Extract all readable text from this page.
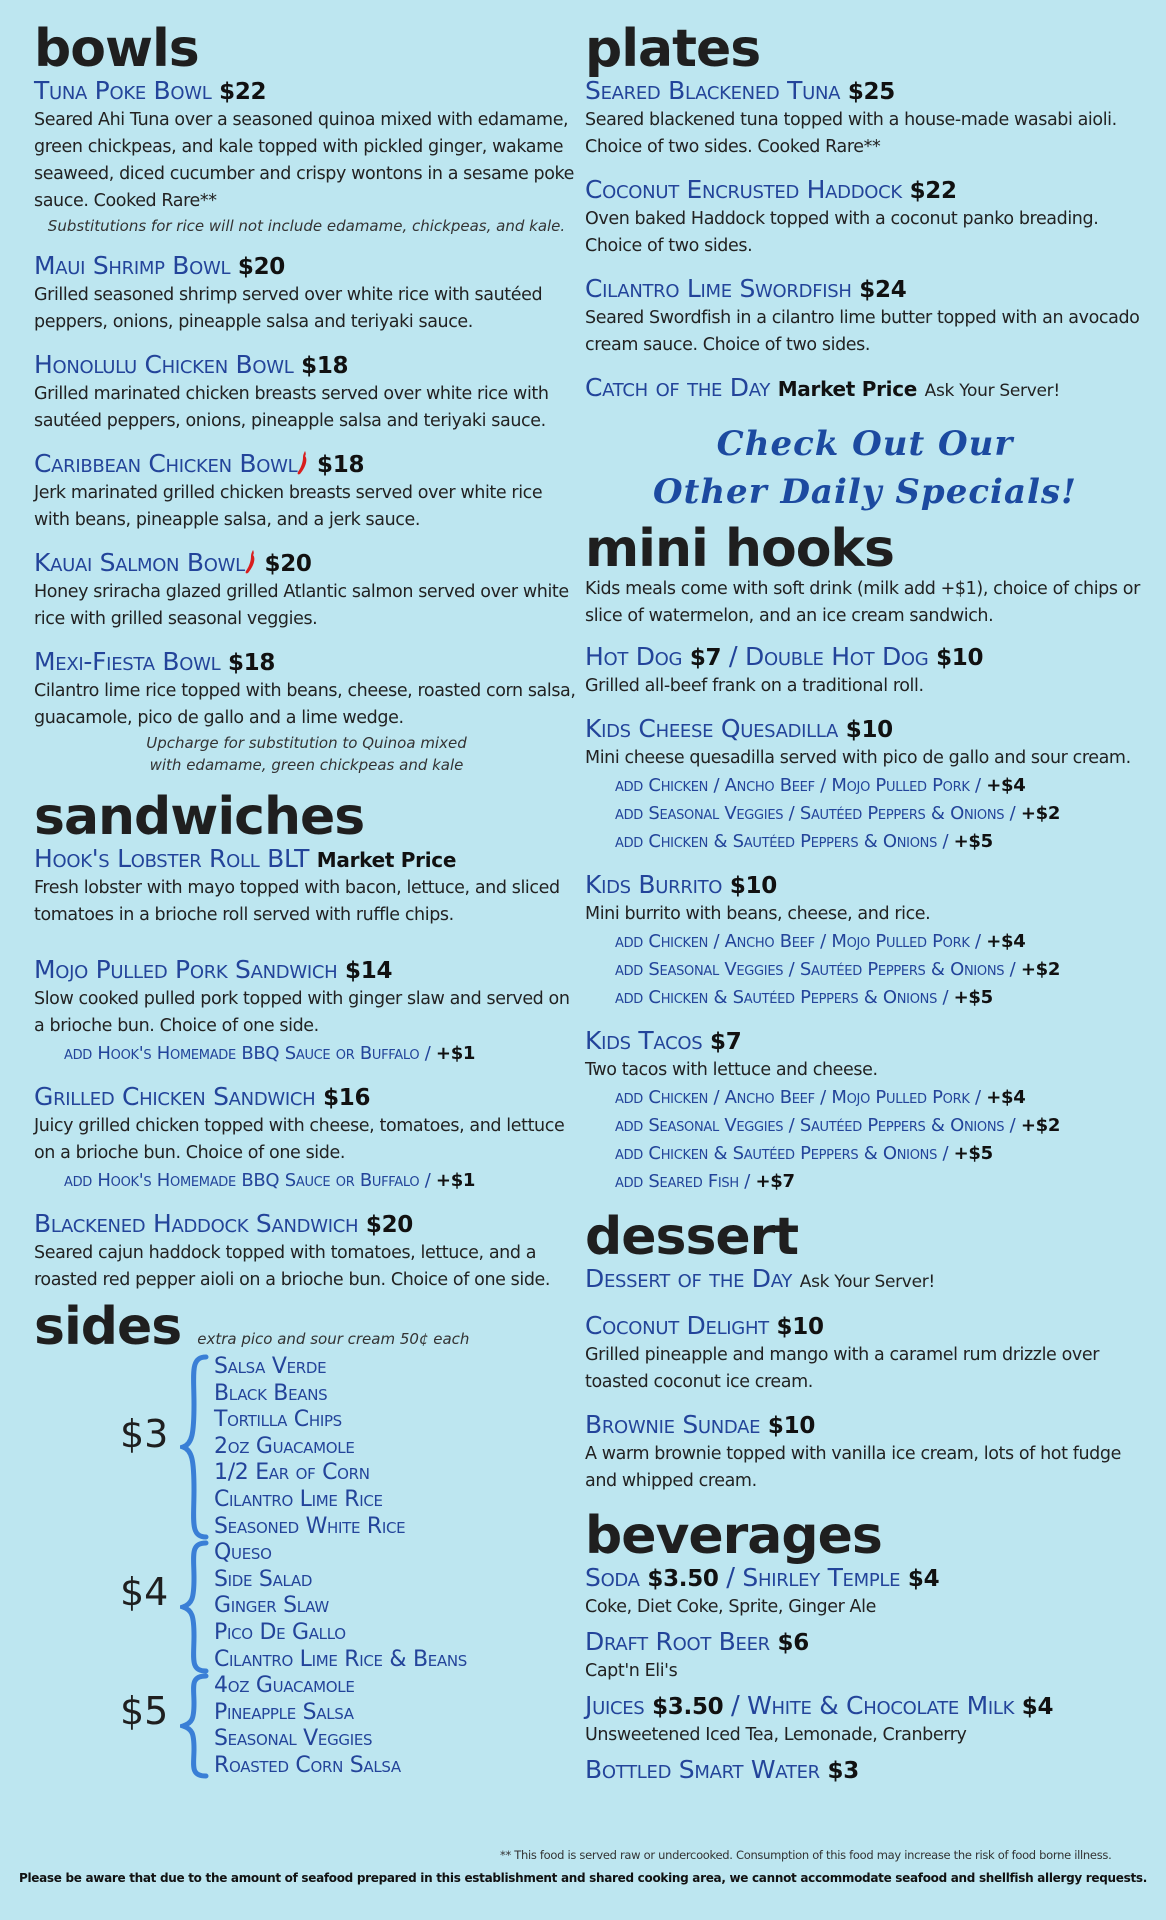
bowls
Tuna Poke Bowl $22
Seared Ahi Tuna over a seasoned quinoa mixed with edamame, green chickpeas, and kale topped with pickled ginger, wakame seaweed, diced cucumber and crispy wontons in a sesame poke sauce. Cooked Rare**
Substitutions for rice will not include edamame, chickpeas, and kale.
Maui Shrimp Bowl $20
Grilled seasoned shrimp served over white rice with sautéed peppers, onions, pineapple salsa and teriyaki sauce.
Honolulu Chicken Bowl $18
Grilled marinated chicken breasts served over white rice with sautéed peppers, onions, pineapple salsa and teriyaki sauce.
Caribbean Chicken Bowl $18
Jerk marinated grilled chicken breasts served over white rice with beans, pineapple salsa, and a jerk sauce.
Kauai Salmon Bowl $20
Honey sriracha glazed grilled Atlantic salmon served over white rice with grilled seasonal veggies.
Mexi-Fiesta Bowl $18
Cilantro lime rice topped with beans, cheese, roasted corn salsa, guacamole, pico de gallo and a lime wedge.
Upcharge for substitution to Quinoa mixed
with edamame, green chickpeas and kale
sandwiches
Hook's Lobster Roll BLT Market Price
Fresh lobster with mayo topped with bacon, lettuce, and sliced tomatoes in a brioche roll served with ruffle chips.
Mojo Pulled Pork Sandwich $14
Slow cooked pulled pork topped with ginger slaw and served on a brioche bun. Choice of one side.
add Hook's Homemade BBQ Sauce or Buffalo / +$1
Grilled Chicken Sandwich $16
Juicy grilled chicken topped with cheese, tomatoes, and lettuce on a brioche bun. Choice of one side.
add Hook's Homemade BBQ Sauce or Buffalo / +$1
Blackened Haddock Sandwich $20
Seared cajun haddock topped with tomatoes, lettuce, and a roasted red pepper aioli on a brioche bun. Choice of one side.
sides extra pico and sour cream 50¢ each
$3
Salsa Verde
Black Beans
Tortilla Chips
2oz Guacamole
1/2 Ear of Corn
Cilantro Lime Rice
Seasoned White Rice
$4
Queso
Side Salad
Ginger Slaw
Pico De Gallo
Cilantro Lime Rice & Beans
$5
4oz Guacamole
Pineapple Salsa
Seasonal Veggies
Roasted Corn Salsa
plates
Seared Blackened Tuna $25
Seared blackened tuna topped with a house-made wasabi aioli. Choice of two sides. Cooked Rare**
Coconut Encrusted Haddock $22
Oven baked Haddock topped with a coconut panko breading. Choice of two sides.
Cilantro Lime Swordfish $24
Seared Swordfish in a cilantro lime butter topped with an avocado cream sauce. Choice of two sides.
Catch of the Day Market Price Ask Your Server!
Check Out Our
Other Daily Specials!
mini hooks
Kids meals come with soft drink (milk add +$1), choice of chips or slice of watermelon, and an ice cream sandwich.
Hot Dog $7 / Double Hot Dog $10
Grilled all-beef frank on a traditional roll.
Kids Cheese Quesadilla $10
Mini cheese quesadilla served with pico de gallo and sour cream.
add Chicken / Ancho Beef / Mojo Pulled Pork / +$4
add Seasonal Veggies / Sautéed Peppers & Onions / +$2
add Chicken & Sautéed Peppers & Onions / +$5
Kids Burrito $10
Mini burrito with beans, cheese, and rice.
add Chicken / Ancho Beef / Mojo Pulled Pork / +$4
add Seasonal Veggies / Sautéed Peppers & Onions / +$2
add Chicken & Sautéed Peppers & Onions / +$5
Kids Tacos $7
Two tacos with lettuce and cheese.
add Chicken / Ancho Beef / Mojo Pulled Pork / +$4
add Seasonal Veggies / Sautéed Peppers & Onions / +$2
add Chicken & Sautéed Peppers & Onions / +$5
add Seared Fish / +$7
dessert
Dessert of the Day Ask Your Server!
Coconut Delight $10
Grilled pineapple and mango with a caramel rum drizzle over toasted coconut ice cream.
Brownie Sundae $10
A warm brownie topped with vanilla ice cream, lots of hot fudge and whipped cream.
beverages
Soda $3.50 / Shirley Temple $4
Coke, Diet Coke, Sprite, Ginger Ale
Draft Root Beer $6
Capt'n Eli's
Juices $3.50 / White & Chocolate Milk $4
Unsweetened Iced Tea, Lemonade, Cranberry
Bottled Smart Water $3
** This food is served raw or undercooked. Consumption of this food may increase the risk of food borne illness.
Please be aware that due to the amount of seafood prepared in this establishment and shared cooking area, we cannot accommodate seafood and shellfish allergy requests.
